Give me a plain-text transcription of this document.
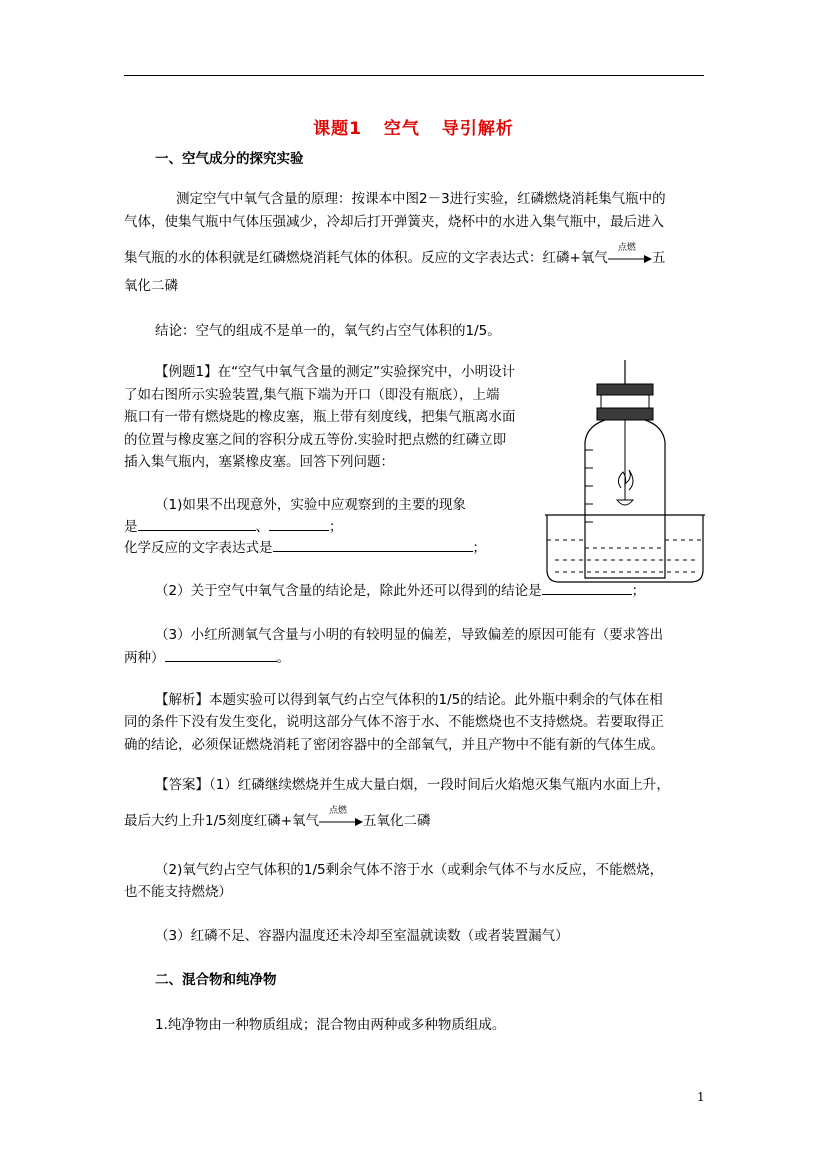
课题1 空气 导引解析
一、空气成分的探究实验
测定空气中氧气含量的原理：按课本中图2－3进行实验，红磷燃烧消耗集气瓶中的
气体，使集气瓶中气体压强减少，冷却后打开弹簧夹，烧杯中的水进入集气瓶中，最后进入
集气瓶的水的体积就是红磷燃烧消耗气体的体积。反应的文字表达式：红磷+氧气
点燃
五
氧化二磷
结论：空气的组成不是单一的，氧气约占空气体积的1/5。
【例题1】在“空气中氧气含量的测定”实验探究中，小明设计
了如右图所示实验装置,集气瓶下端为开口（即没有瓶底），上端
瓶口有一带有燃烧匙的橡皮塞，瓶上带有刻度线，把集气瓶离水面
的位置与橡皮塞之间的容积分成五等份.实验时把点燃的红磷立即
插入集气瓶内，塞紧橡皮塞。回答下列问题：
（1)如果不出现意外，实验中应观察到的主要的现象
是	、	；
化学反应的文字表达式是	；
（2）关于空气中氧气含量的结论是，除此外还可以得到的结论是	；
（3）小红所测氧气含量与小明的有较明显的偏差，导致偏差的原因可能有（要求答出
两种）	。
【解析】本题实验可以得到氧气约占空气体积的1/5的结论。此外瓶中剩余的气体在相
同的条件下没有发生变化，说明这部分气体不溶于水、不能燃烧也不支持燃烧。若要取得正
确的结论，必须保证燃烧消耗了密闭容器中的全部氧气，并且产物中不能有新的气体生成。
【答案】（1）红磷继续燃烧并生成大量白烟，一段时间后火焰熄灭集气瓶内水面上升，
最后大约上升1/5刻度红磷+氧气
点燃
五氧化二磷
（2)氧气约占空气体积的1/5剩余气体不溶于水（或剩余气体不与水反应，不能燃烧，
也不能支持燃烧）
（3）红磷不足、容器内温度还未冷却至室温就读数（或者装置漏气）
二、混合物和纯净物
1.纯净物由一种物质组成；混合物由两种或多种物质组成。
1
